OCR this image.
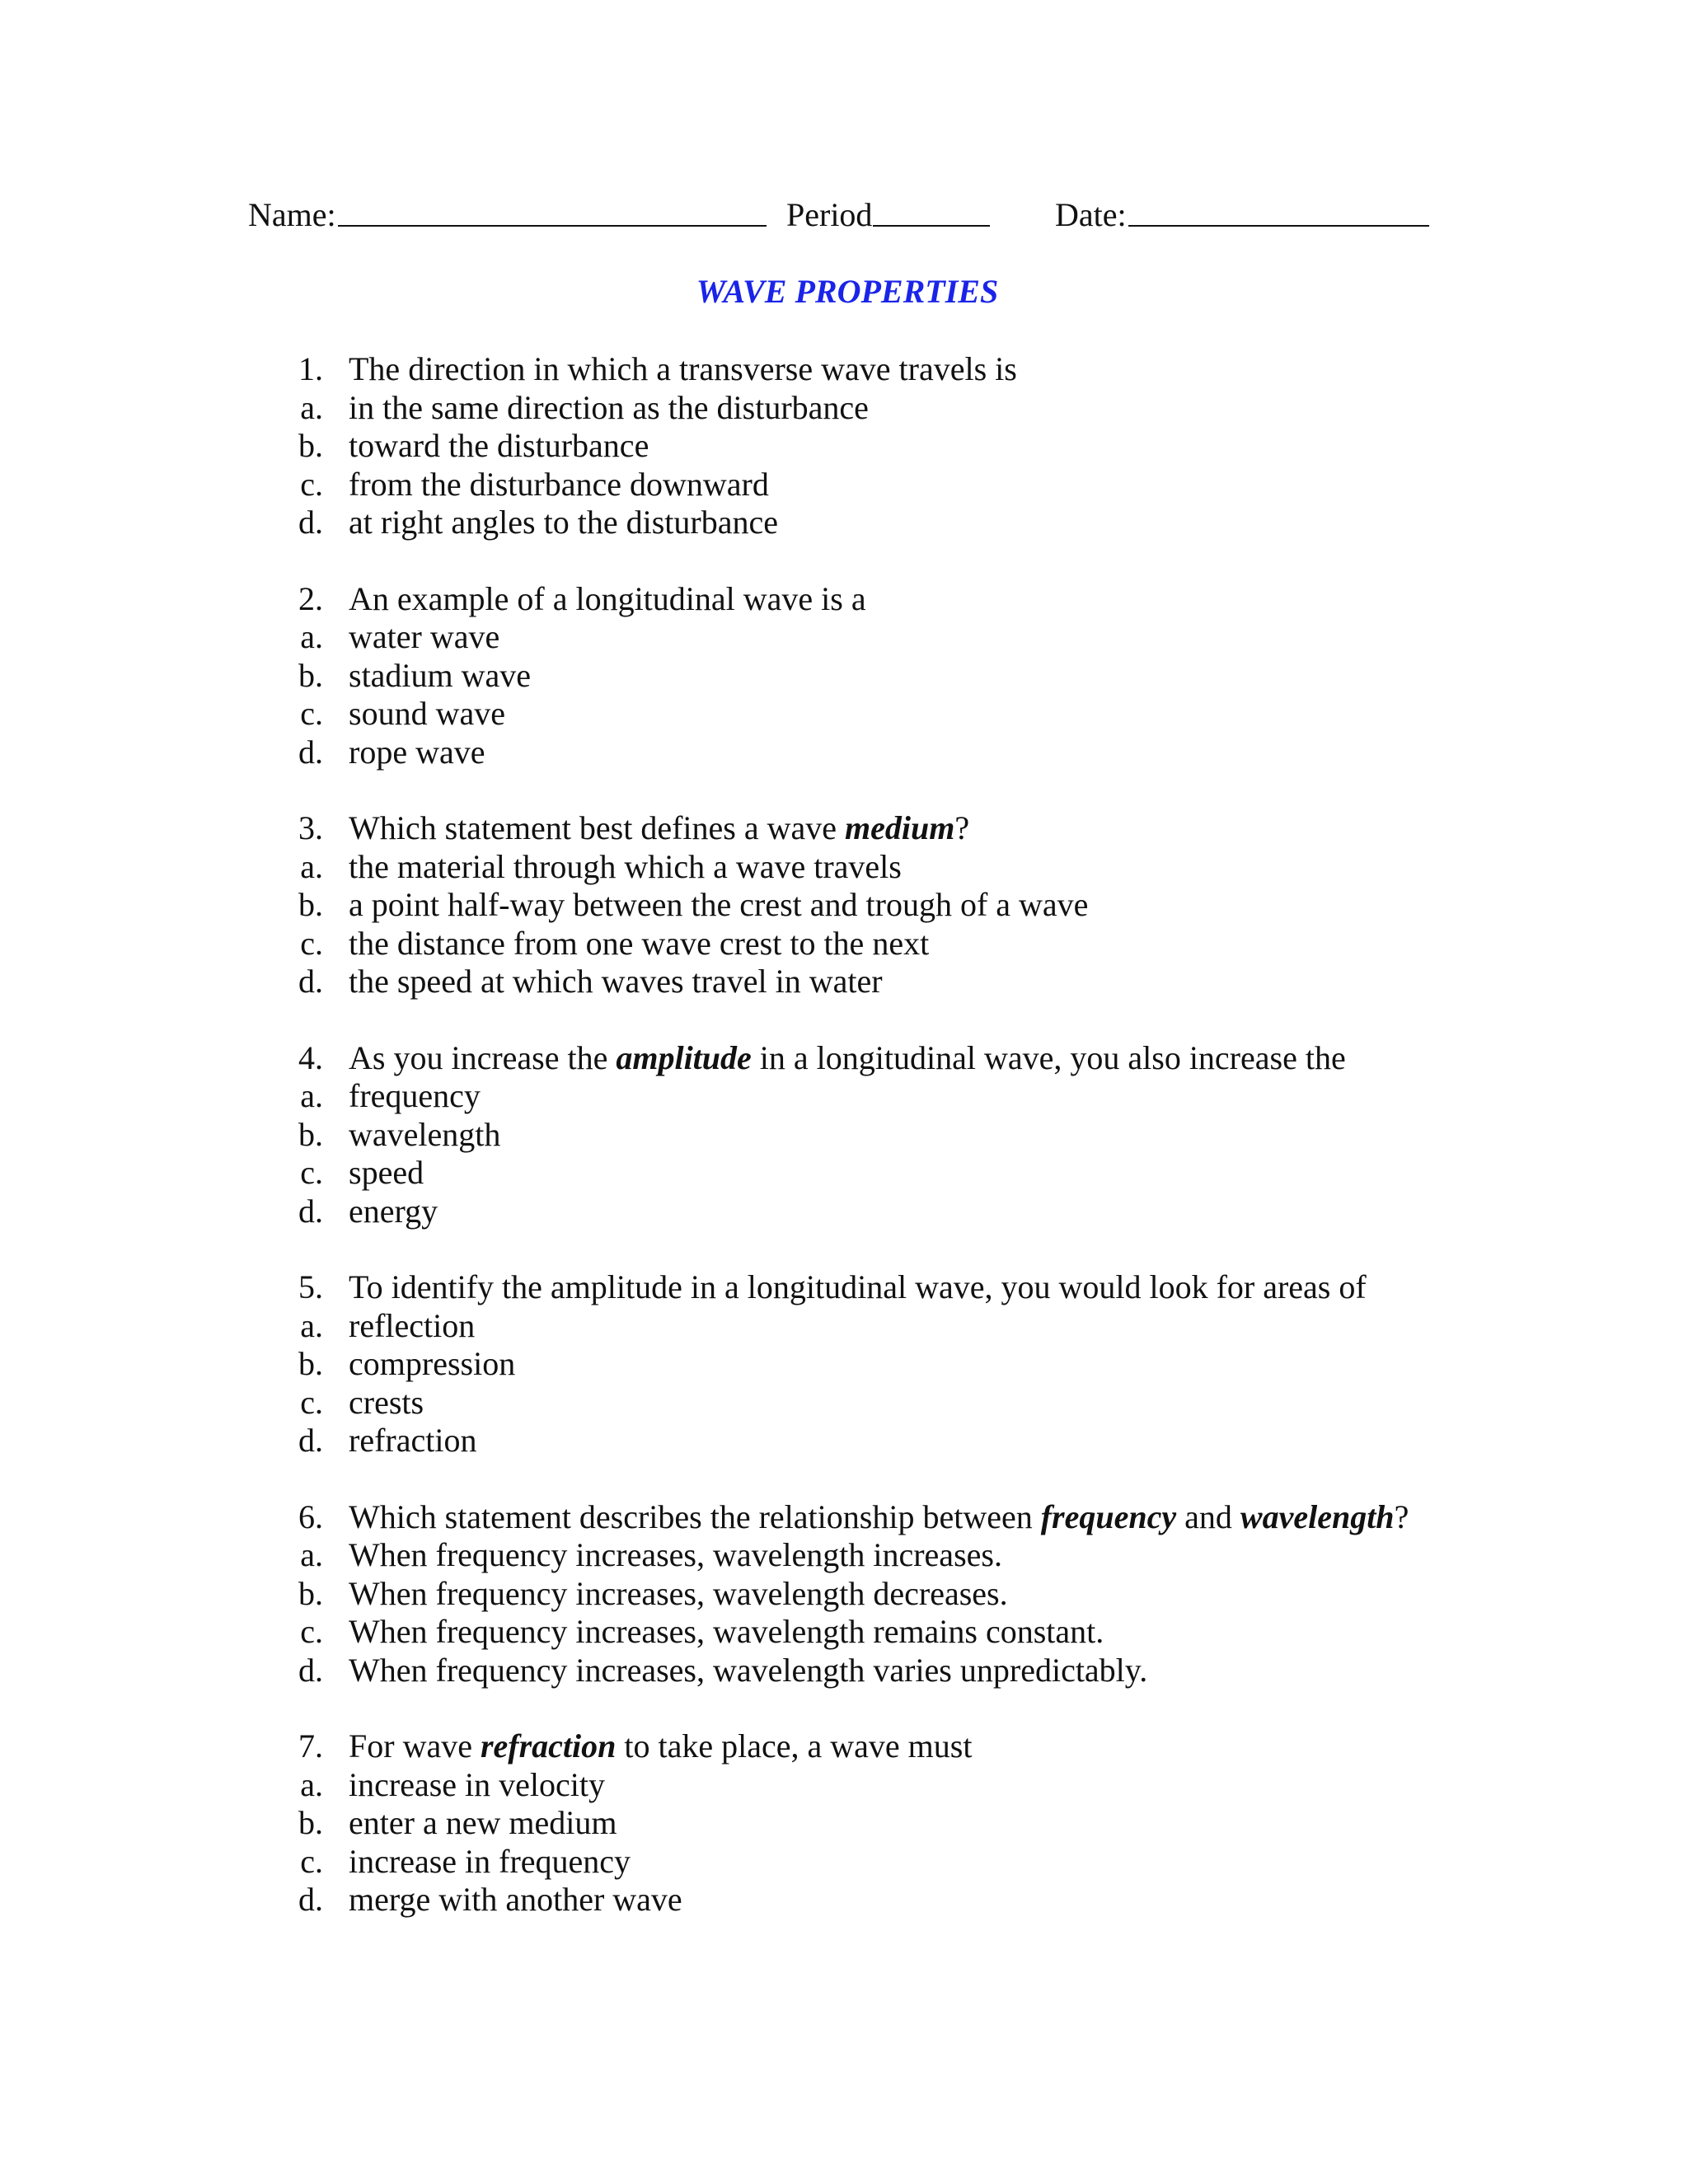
Name:	Period	Date:
WAVE PROPERTIES
1. The direction in which a transverse wave travels is
a. in the same direction as the disturbance
b. toward the disturbance
c. from the disturbance downward
d. at right angles to the disturbance
2. An example of a longitudinal wave is a
a. water wave
b. stadium wave
c. sound wave
d. rope wave
3. Which statement best defines a wave medium?
a. the material through which a wave travels
b. a point half-way between the crest and trough of a wave
c. the distance from one wave crest to the next
d. the speed at which waves travel in water
4. As you increase the amplitude in a longitudinal wave, you also increase the
a. frequency
b. wavelength
c. speed
d. energy
5. To identify the amplitude in a longitudinal wave, you would look for areas of
a. reflection
b. compression
c. crests
d. refraction
6. Which statement describes the relationship between frequency and wavelength?
a. When frequency increases, wavelength increases.
b. When frequency increases, wavelength decreases.
c. When frequency increases, wavelength remains constant.
d. When frequency increases, wavelength varies unpredictably.
7. For wave refraction to take place, a wave must
a. increase in velocity
b. enter a new medium
c. increase in frequency
d. merge with another wave
